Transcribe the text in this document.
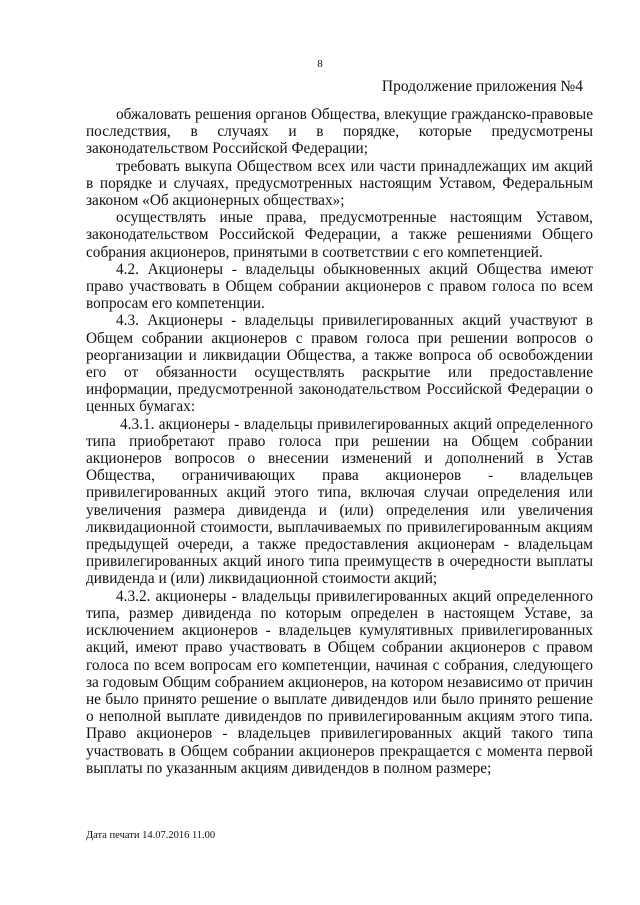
8
Продолжение приложения №4

обжаловать решения органов Общества, влекущие гражданско-правовые последствия, в случаях и в порядке, которые предусмотрены законодательством Российской Федерации;

требовать выкупа Обществом всех или части принадлежащих им акций в порядке и случаях, предусмотренных настоящим Уставом, Федеральным законом «Об акционерных обществах»;

осуществлять иные права, предусмотренные настоящим Уставом, законодательством Российской Федерации, а также решениями Общего собрания акционеров, принятыми в соответствии с его компетенцией.

4.2. Акционеры - владельцы обыкновенных акций Общества имеют право участвовать в Общем собрании акционеров с правом голоса по всем вопросам его компетенции.

4.3. Акционеры - владельцы привилегированных акций участвуют в Общем собрании акционеров с правом голоса при решении вопросов о реорганизации и ликвидации Общества, а также вопроса об освобождении его от обязанности осуществлять раскрытие или предоставление информации, предусмотренной законодательством Российской Федерации о ценных бумагах:

4.3.1. акционеры - владельцы привилегированных акций определенного типа приобретают право голоса при решении на Общем собрании акционеров вопросов о внесении изменений и дополнений в Устав Общества, ограничивающих права акционеров - владельцев привилегированных акций этого типа, включая случаи определения или увеличения размера дивиденда и (или) определения или увеличения ликвидационной стоимости, выплачиваемых по привилегированным акциям предыдущей очереди, а также предоставления акционерам - владельцам привилегированных акций иного типа преимуществ в очередности выплаты дивиденда и (или) ликвидационной стоимости акций;

4.3.2. акционеры - владельцы привилегированных акций определенного типа, размер дивиденда по которым определен в настоящем Уставе, за исключением акционеров - владельцев кумулятивных привилегированных акций, имеют право участвовать в Общем собрании акционеров с правом голоса по всем вопросам его компетенции, начиная с собрания, следующего за годовым Общим собранием акционеров, на котором независимо от причин не было принято решение о выплате дивидендов или было принято решение о неполной выплате дивидендов по привилегированным акциям этого типа. Право акционеров - владельцев привилегированных акций такого типа участвовать в Общем собрании акционеров прекращается с момента первой выплаты по указанным акциям дивидендов в полном размере;

Дата печати 14.07.2016 11.00
